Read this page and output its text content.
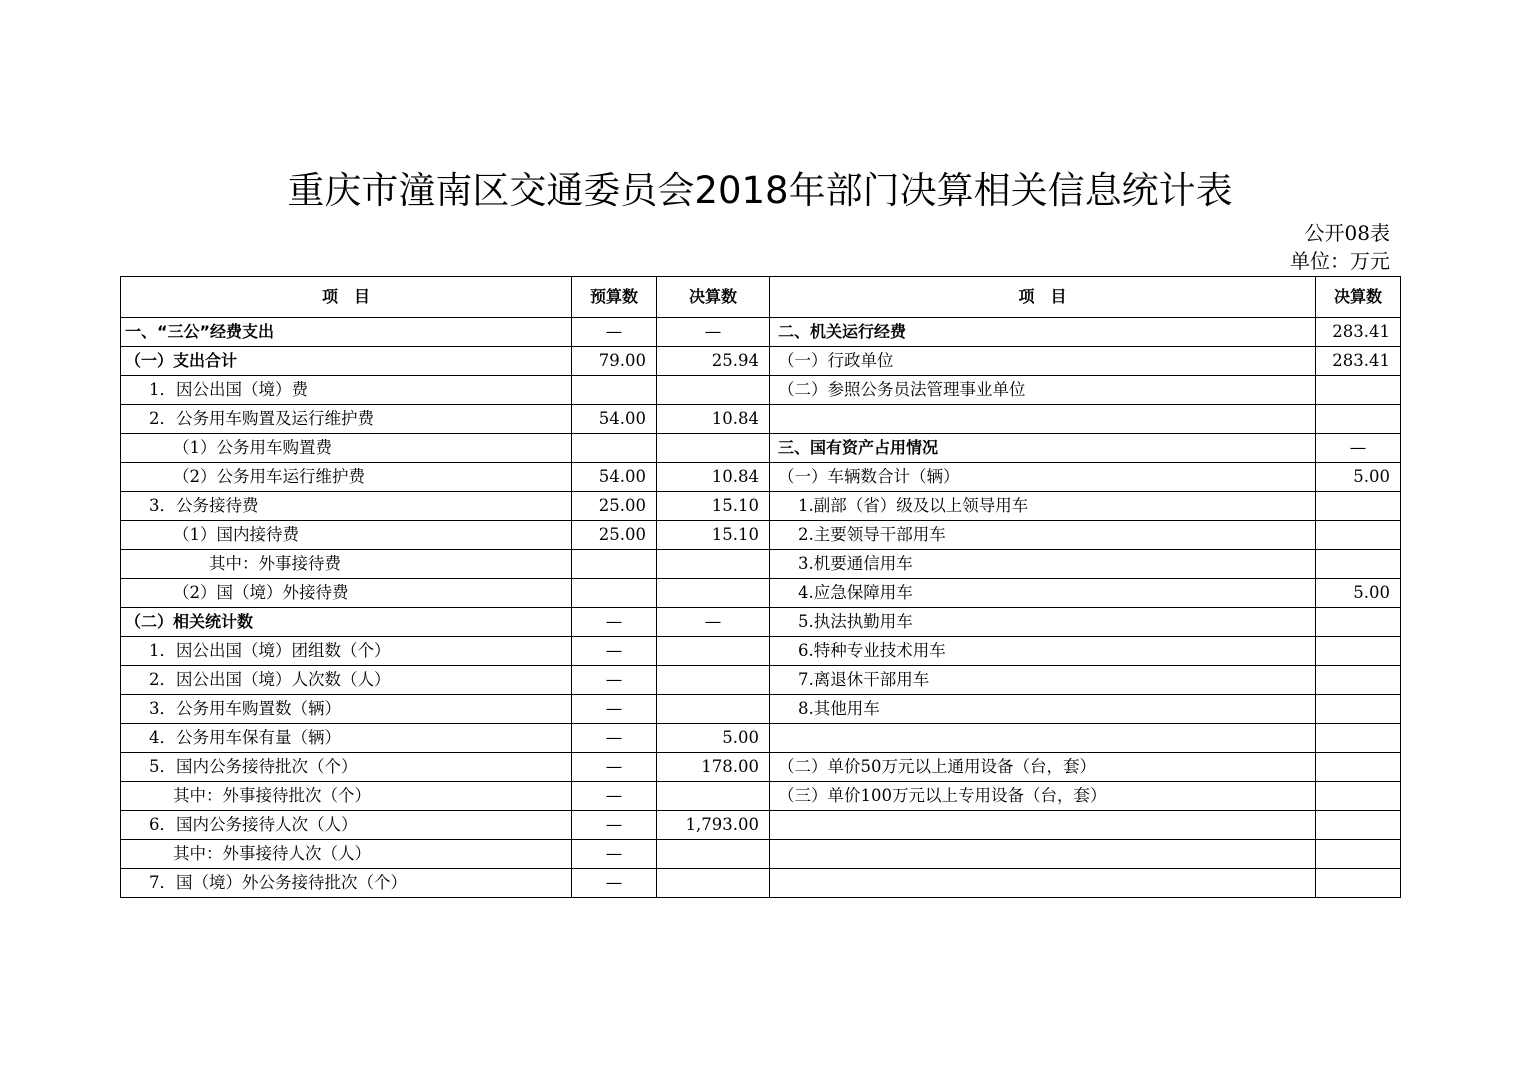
重庆市潼南区交通委员会2018年部门决算相关信息统计表
公开08表
单位：万元
项　目	预算数	决算数	项　目	决算数
一、“三公”经费支出	—	—	二、机关运行经费	283.41
（一）支出合计	79.00	25.94	（一）行政单位	283.41
1．因公出国（境）费			（二）参照公务员法管理事业单位	
2．公务用车购置及运行维护费	54.00	10.84		
（1）公务用车购置费			三、国有资产占用情况	—
（2）公务用车运行维护费	54.00	10.84	（一）车辆数合计（辆）	5.00
3．公务接待费	25.00	15.10	1.副部（省）级及以上领导用车	
（1）国内接待费	25.00	15.10	2.主要领导干部用车	
其中：外事接待费			3.机要通信用车	
（2）国（境）外接待费			4.应急保障用车	5.00
（二）相关统计数	—	—	5.执法执勤用车	
1．因公出国（境）团组数（个）	—		6.特种专业技术用车	
2．因公出国（境）人次数（人）	—		7.离退休干部用车	
3．公务用车购置数（辆）	—		8.其他用车	
4．公务用车保有量（辆）	—	5.00		
5．国内公务接待批次（个）	—	178.00	（二）单价50万元以上通用设备（台，套）	
其中：外事接待批次（个）	—		（三）单价100万元以上专用设备（台，套）	
6．国内公务接待人次（人）	—	1,793.00		
其中：外事接待人次（人）	—			
7．国（境）外公务接待批次（个）	—			
